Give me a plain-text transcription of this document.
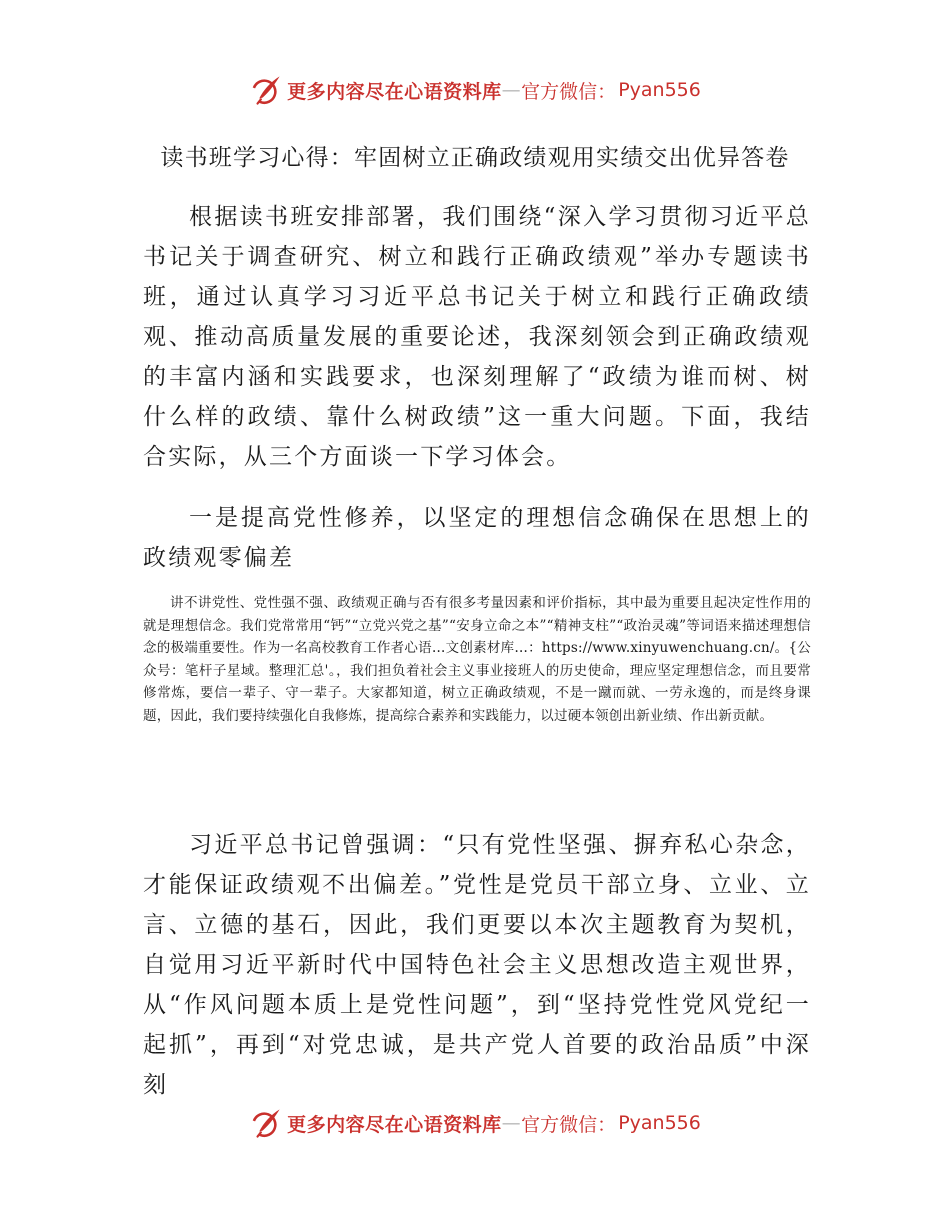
更多内容尽在心语资料库 — 官方微信： Pyan556
读书班学习心得：牢固树立正确政绩观用实绩交出优异答卷

根据读书班安排部署，我们围绕“深入学习贯彻习近平总书记关于调查研究、树立和践行正确政绩观”举办专题读书班，通过认真学习习近平总书记关于树立和践行正确政绩观、推动高质量发展的重要论述，我深刻领会到正确政绩观的丰富内涵和实践要求，也深刻理解了“政绩为谁而树、树什么样的政绩、靠什么树政绩”这一重大问题。下面，我结合实际，从三个方面谈一下学习体会。

一是提高党性修养，以坚定的理想信念确保在思想上的政绩观零偏差

讲不讲党性、党性强不强、政绩观正确与否有很多考量因素和评价指标，其中最为重要且起决定性作用的就是理想信念。我们党常常用“钙”“立党兴党之基”“安身立命之本”“精神支柱”“政治灵魂”等词语来描述理想信念的极端重要性。作为一名高校教育工作者心语…文创素材库…：https://www.xinyuwenchuang.cn/。{公众号：笔杆子星域。整理汇总'。，我们担负着社会主义事业接班人的历史使命，理应坚定理想信念，而且要常修常炼，要信一辈子、守一辈子。大家都知道，树立正确政绩观，不是一蹴而就、一劳永逸的，而是终身课题，因此，我们要持续强化自我修炼，提高综合素养和实践能力，以过硬本领创出新业绩、作出新贡献。

习近平总书记曾强调：“只有党性坚强、摒弃私心杂念，才能保证政绩观不出偏差。”党性是党员干部立身、立业、立言、立德的基石，因此，我们更要以本次主题教育为契机，自觉用习近平新时代中国特色社会主义思想改造主观世界，从“作风问题本质上是党性问题”，到“坚持党性党风党纪一起抓”，再到“对党忠诚，是共产党人首要的政治品质”中深刻

更多内容尽在心语资料库 — 官方微信： Pyan556
